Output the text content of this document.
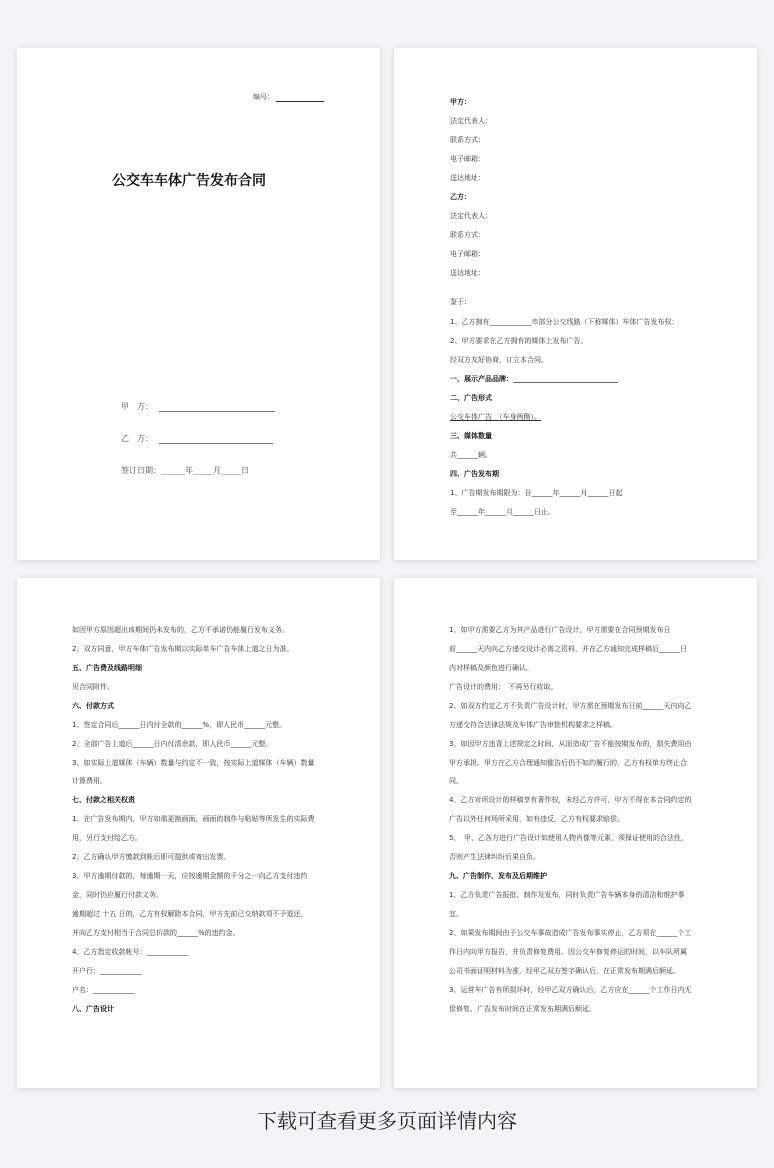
编号：
公交车车体广告发布合同
甲　方：
乙　方：
签订日期：______年_____月_____日
甲方：
法定代表人：
联系方式：
电子邮箱：
送达地址：
乙方：
法定代表人：
联系方式：
电子邮箱：
送达地址：
鉴于：
1、乙方拥有____________市部分公交线路（下称媒体）车体广告发布权；
2、甲方要求在乙方拥有的媒体上发布广告。
经双方友好协商，订立本合同。
一、展示产品品牌：______________________________
二、广告形式
公交车体广告　（车身两侧）。
三、媒体数量
共______辆。
四、广告发布期
1、广告期发布期限为：自______年______月______日起
至______年______月______日止。
如因甲方原因超出该期间仍未发布的，乙方不承诺仍能履行发布义务。
2、双方同意，甲方车体广告发布期以实际单车广告车体上道之日为准。
五、广告费及线路明细
见合同附件。
六、付款方式
1、签定合同后______日内付全款的______%，即人民币______元整。
2、全部广告上道后______日内付清余款，即人民币______元整。
3、如实际上道媒体（车辆）数量与约定不一致，按实际上道媒体（车辆）数量
计算费用。
七、付款之相关权责
1、在广告发布期内，甲方如需更换画面，画面的制作与粘贴等所发生的实际费
用，另行支付给乙方。
2、乙方确认甲方缴款到帐后即可提供或寄出发票。
3、甲方逾期付款的，每逾期一天，应按逾期金额的千分之一向乙方支付违约
金，同时仍应履行付款义务。
逾期超过 十五 日的，乙方有权解除本合同，甲方先前已交纳款项不予退还，
并向乙方支付相当于合同总价款的______%的违约金。
4、乙方指定收款帐号：____________
开户行：____________
户名：____________
八、广告设计
1、如甲方需要乙方为其产品进行广告设计，甲方需要在合同预期发布日
前______天内向乙方递交设计必需之资料，并在乙方通知完成样稿后______日
内对样稿及颜色进行确认。
广告设计的费用：　不再另行收取。
2、如双方约定乙方不负责广告设计时，甲方需在预期发布日前______天内向乙
方递交符合法律法规及车体广告审批机构要求之样稿。
3、如因甲方违背上述规定之时间，从而造成广告不能按期发布的，损失费用由
甲方承担。甲方在乙方合理通知催告后仍不如约履行的，乙方有权单方终止合
同。
4、乙方对所设计的样稿享有著作权，未经乙方许可，甲方不得在本合同约定的
广告以外任何场所采用，如有违反，乙方有权要求赔偿。
5、　甲、乙各方进行广告设计如使用人物肖像等元素，须保证使用的合法性，
否则产生法律纠纷后果自负。
九、广告制作、发布及后期维护
1、乙方负责广告报批、制作及发布，同时负责广告车辆本身的清洁和维护事
宜。
2、如果发布期间由于公交车事故造成广告发布事实停止，乙方须在______个工
作日内向甲方报告，并负责修复费用。因公交车修复停运的时间，以车队所属
公司书面证明材料为准，经甲乙双方签字确认后，在正常发布期满后顺延。
3、运营车广告有所损坏时，经甲乙双方确认后，乙方应在______个工作日内无
偿修复，广告发布时间在正常发布期满后顺延。
下载可查看更多页面详情内容
